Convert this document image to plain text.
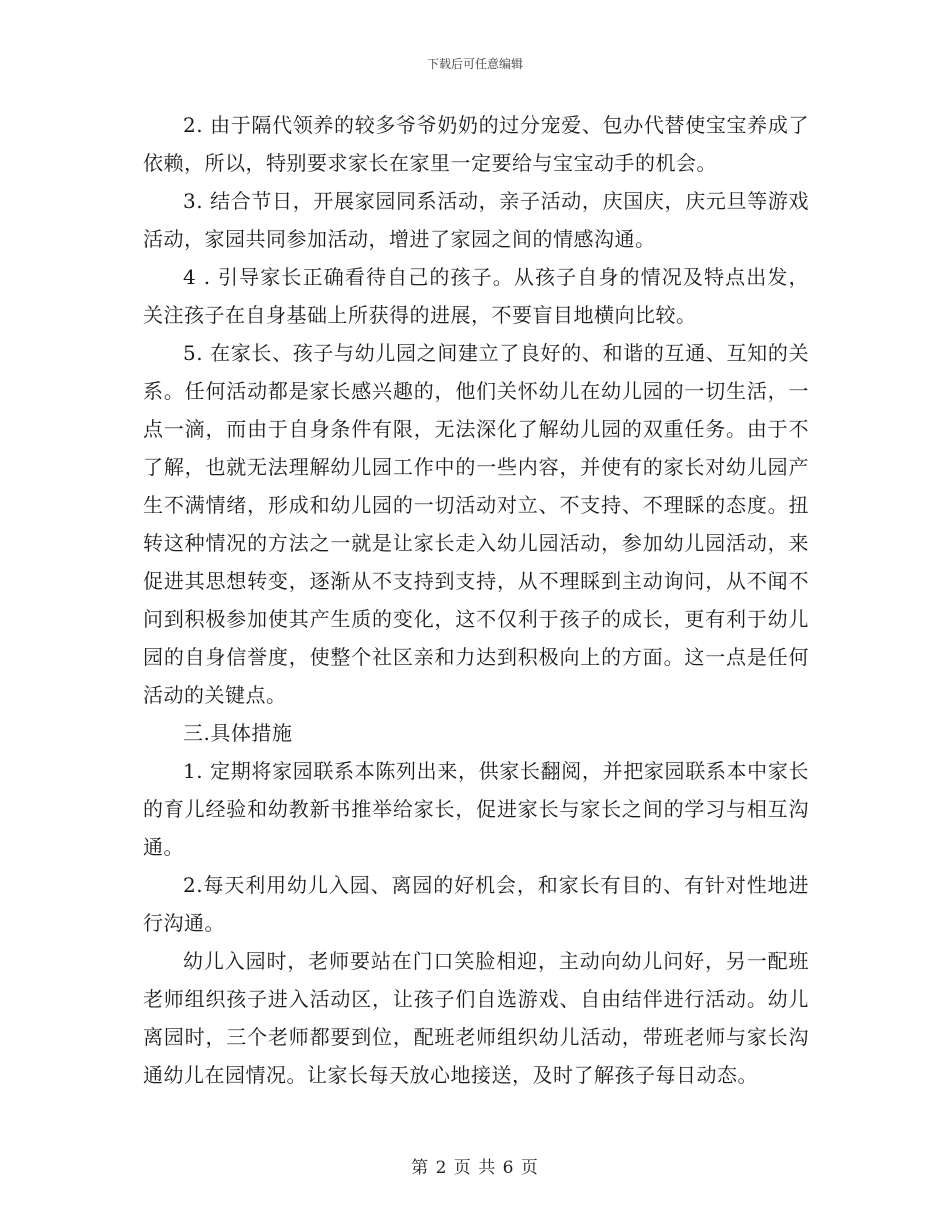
下载后可任意编辑

2. 由于隔代领养的较多爷爷奶奶的过分宠爱、包办代替使宝宝养成了依赖，所以，特别要求家长在家里一定要给与宝宝动手的机会。

3. 结合节日，开展家园同系活动，亲子活动，庆国庆，庆元旦等游戏活动，家园共同参加活动，增进了家园之间的情感沟通。

4 . 引导家长正确看待自己的孩子。从孩子自身的情况及特点出发，关注孩子在自身基础上所获得的进展，不要盲目地横向比较。

5. 在家长、孩子与幼儿园之间建立了良好的、和谐的互通、互知的关系。任何活动都是家长感兴趣的，他们关怀幼儿在幼儿园的一切生活，一点一滴，而由于自身条件有限，无法深化了解幼儿园的双重任务。由于不了解，也就无法理解幼儿园工作中的一些内容，并使有的家长对幼儿园产生不满情绪，形成和幼儿园的一切活动对立、不支持、不理睬的态度。扭转这种情况的方法之一就是让家长走入幼儿园活动，参加幼儿园活动，来促进其思想转变，逐渐从不支持到支持，从不理睬到主动询问，从不闻不问到积极参加使其产生质的变化，这不仅利于孩子的成长，更有利于幼儿园的自身信誉度，使整个社区亲和力达到积极向上的方面。这一点是任何活动的关键点。

三.具体措施

1. 定期将家园联系本陈列出来，供家长翻阅，并把家园联系本中家长的育儿经验和幼教新书推举给家长，促进家长与家长之间的学习与相互沟通。

2.每天利用幼儿入园、离园的好机会，和家长有目的、有针对性地进行沟通。

幼儿入园时，老师要站在门口笑脸相迎，主动向幼儿问好，另一配班老师组织孩子进入活动区，让孩子们自选游戏、自由结伴进行活动。幼儿离园时，三个老师都要到位，配班老师组织幼儿活动，带班老师与家长沟通幼儿在园情况。让家长每天放心地接送，及时了解孩子每日动态。

第 2 页 共 6 页
